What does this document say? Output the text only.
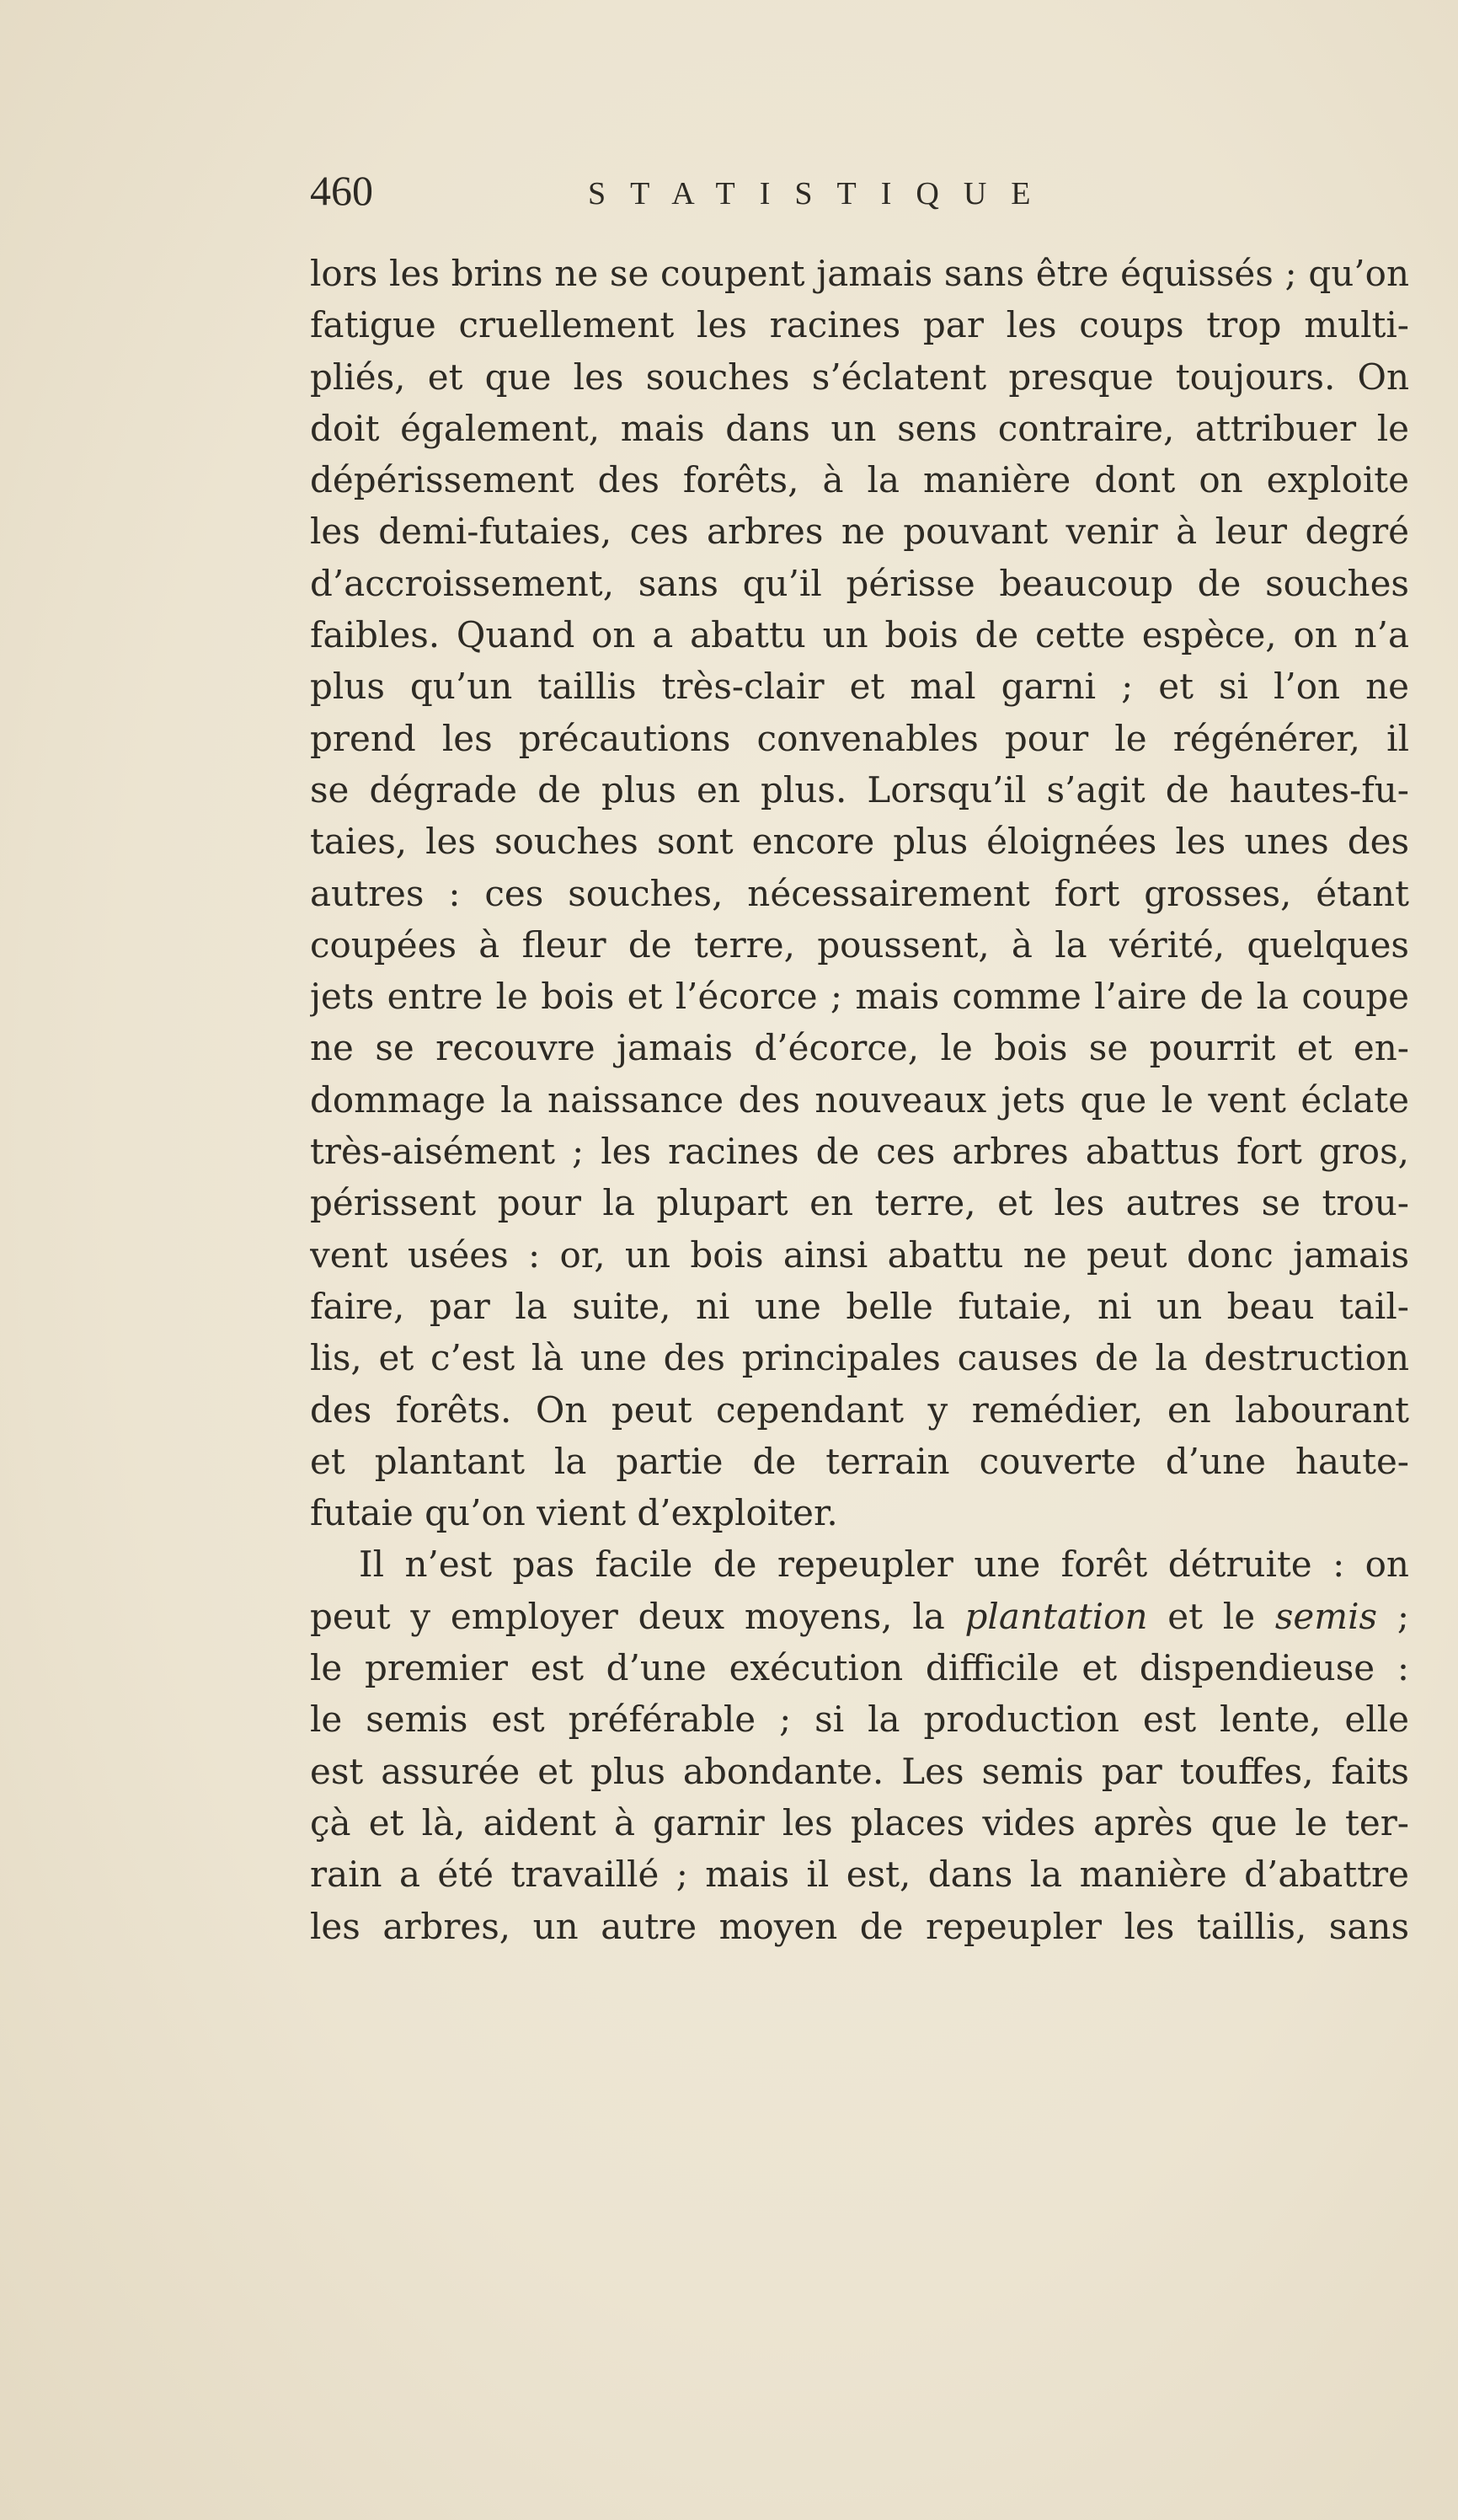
460	STATISTIQUE
lors les brins ne se coupent jamais sans être équissés ; qu’on
fatigue cruellement les racines par les coups trop multi-
pliés, et que les souches s’éclatent presque toujours. On
doit également, mais dans un sens contraire, attribuer le
dépérissement des forêts, à la manière dont on exploite
les demi-futaies, ces arbres ne pouvant venir à leur degré
d’accroissement, sans qu’il périsse beaucoup de souches
faibles. Quand on a abattu un bois de cette espèce, on n’a
plus qu’un taillis très-clair et mal garni ; et si l’on ne
prend les précautions convenables pour le régénérer, il
se dégrade de plus en plus. Lorsqu’il s’agit de hautes-fu-
taies, les souches sont encore plus éloignées les unes des
autres : ces souches, nécessairement fort grosses, étant
coupées à fleur de terre, poussent, à la vérité, quelques
jets entre le bois et l’écorce ; mais comme l’aire de la coupe
ne se recouvre jamais d’écorce, le bois se pourrit et en-
dommage la naissance des nouveaux jets que le vent éclate
très-aisément ; les racines de ces arbres abattus fort gros,
périssent pour la plupart en terre, et les autres se trou-
vent usées : or, un bois ainsi abattu ne peut donc jamais
faire, par la suite, ni une belle futaie, ni un beau tail-
lis, et c’est là une des principales causes de la destruction
des forêts. On peut cependant y remédier, en labourant
et plantant la partie de terrain couverte d’une haute-
futaie qu’on vient d’exploiter.
Il n’est pas facile de repeupler une forêt détruite : on
peut y employer deux moyens, la plantation et le semis ;
le premier est d’une exécution difficile et dispendieuse :
le semis est préférable ; si la production est lente, elle
est assurée et plus abondante. Les semis par touffes, faits
çà et là, aident à garnir les places vides après que le ter-
rain a été travaillé ; mais il est, dans la manière d’abattre
les arbres, un autre moyen de repeupler les taillis, sans
